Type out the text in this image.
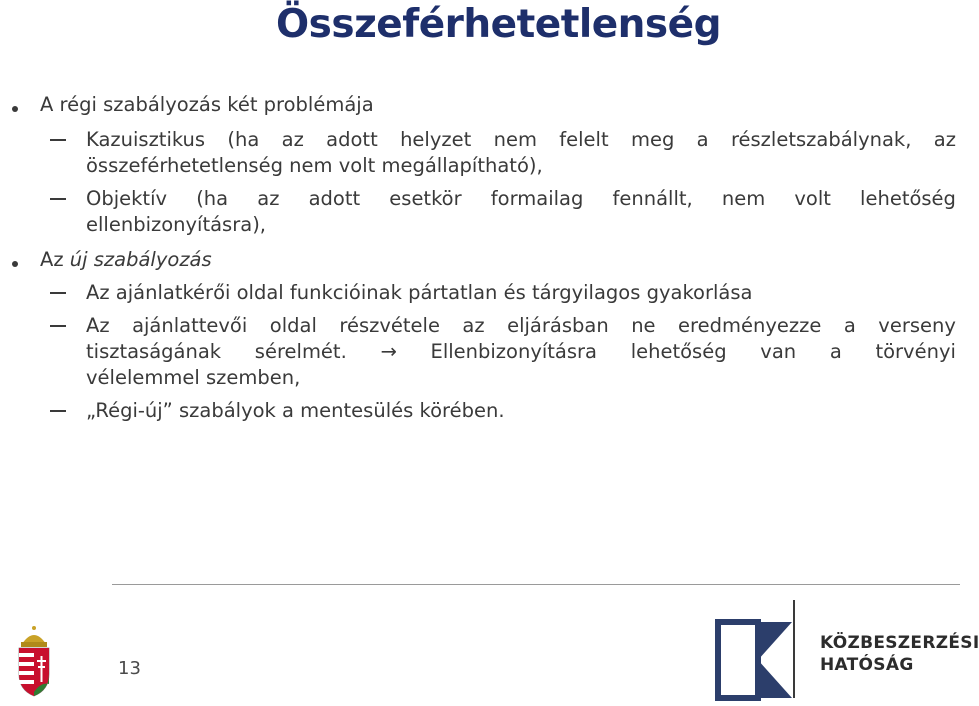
Összeférhetetlenség
A régi szabályozás két problémája
Kazuisztikus (ha az adott helyzet nem felelt meg a részletszabálynak, az
összeférhetetlenség nem volt megállapítható),
Objektív (ha az adott esetkör formailag fennállt, nem volt lehetőség
ellenbizonyításra),
Az új szabályozás
Az ajánlatkérői oldal funkcióinak pártatlan és tárgyilagos gyakorlása
Az ajánlattevői oldal részvétele az eljárásban ne eredményezze a verseny
tisztaságának sérelmét. → Ellenbizonyításra lehetőség van a törvényi
vélelemmel szemben,
„Régi-új” szabályok a mentesülés körében.
13
KÖZBESZERZÉSI
HATÓSÁG
